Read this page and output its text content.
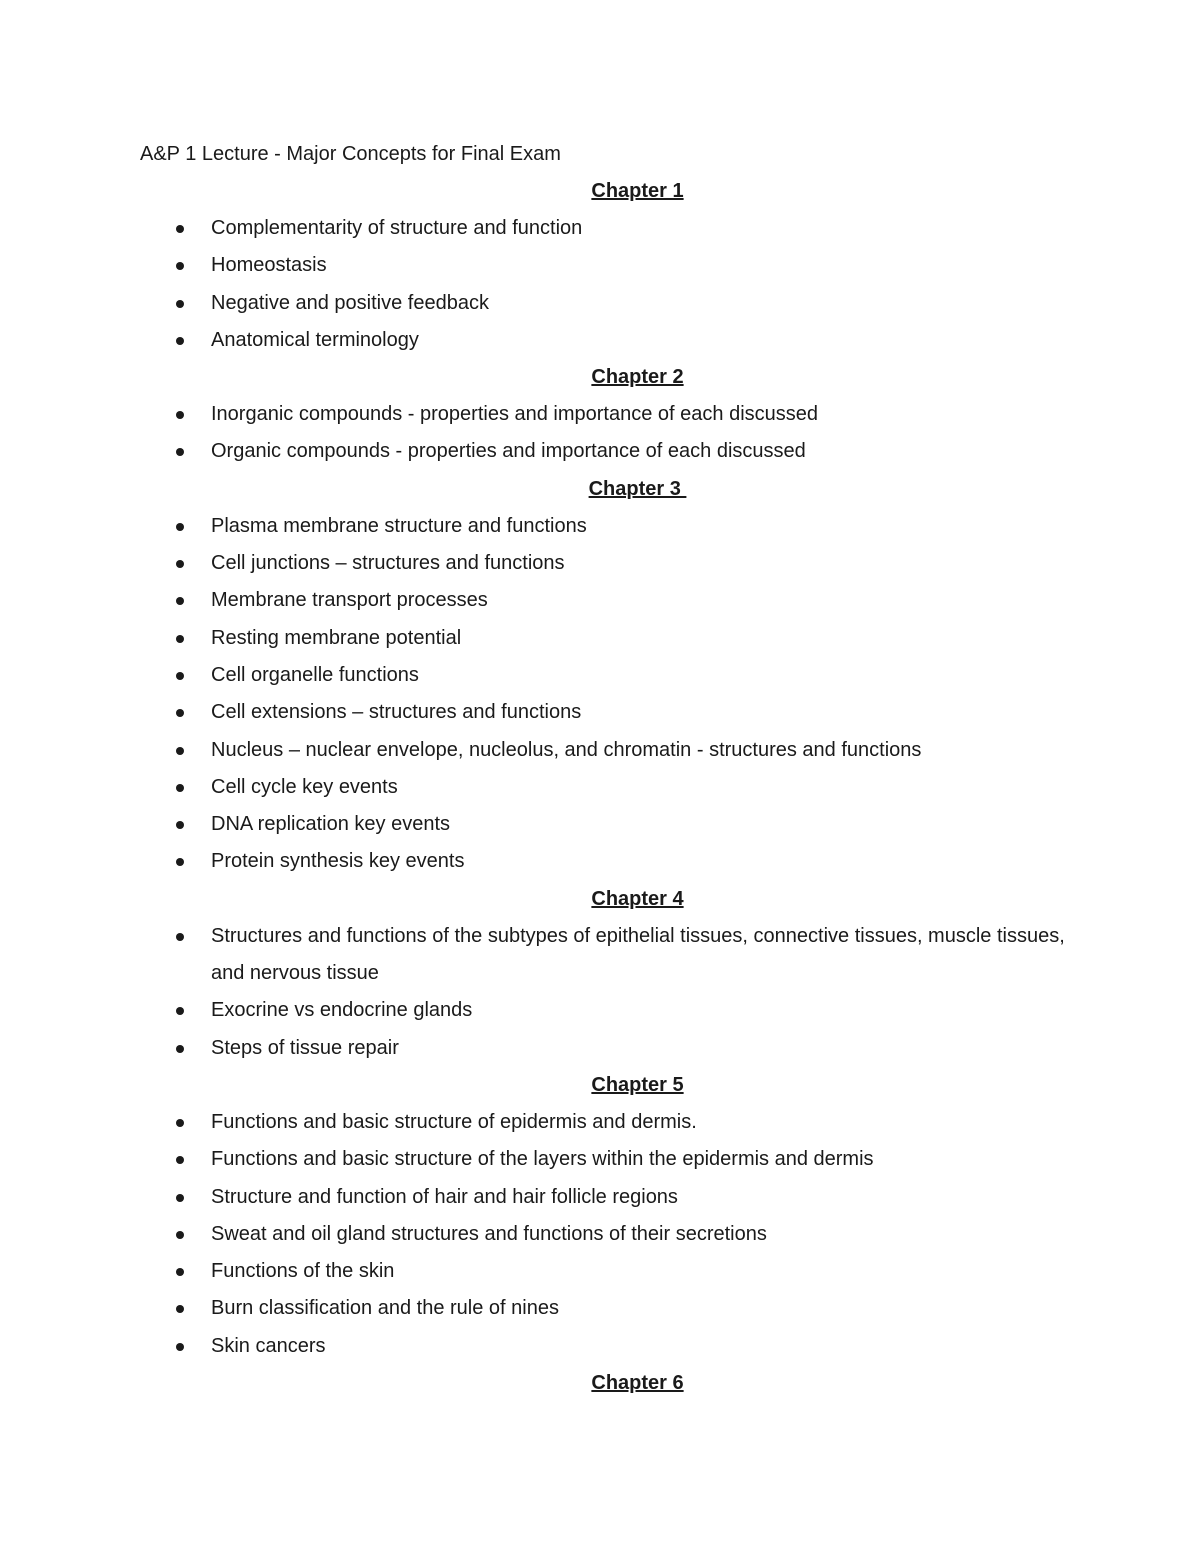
A&P 1 Lecture - Major Concepts for Final Exam

Chapter 1
Complementarity of structure and function
Homeostasis
Negative and positive feedback
Anatomical terminology
Chapter 2
Inorganic compounds - properties and importance of each discussed
Organic compounds - properties and importance of each discussed
Chapter 3
Plasma membrane structure and functions
Cell junctions – structures and functions
Membrane transport processes
Resting membrane potential
Cell organelle functions
Cell extensions – structures and functions
Nucleus – nuclear envelope, nucleolus, and chromatin - structures and functions
Cell cycle key events
DNA replication key events
Protein synthesis key events
Chapter 4
Structures and functions of the subtypes of epithelial tissues, connective tissues, muscle tissues, and nervous tissue
Exocrine vs endocrine glands
Steps of tissue repair
Chapter 5
Functions and basic structure of epidermis and dermis.
Functions and basic structure of the layers within the epidermis and dermis
Structure and function of hair and hair follicle regions
Sweat and oil gland structures and functions of their secretions
Functions of the skin
Burn classification and the rule of nines
Skin cancers
Chapter 6
